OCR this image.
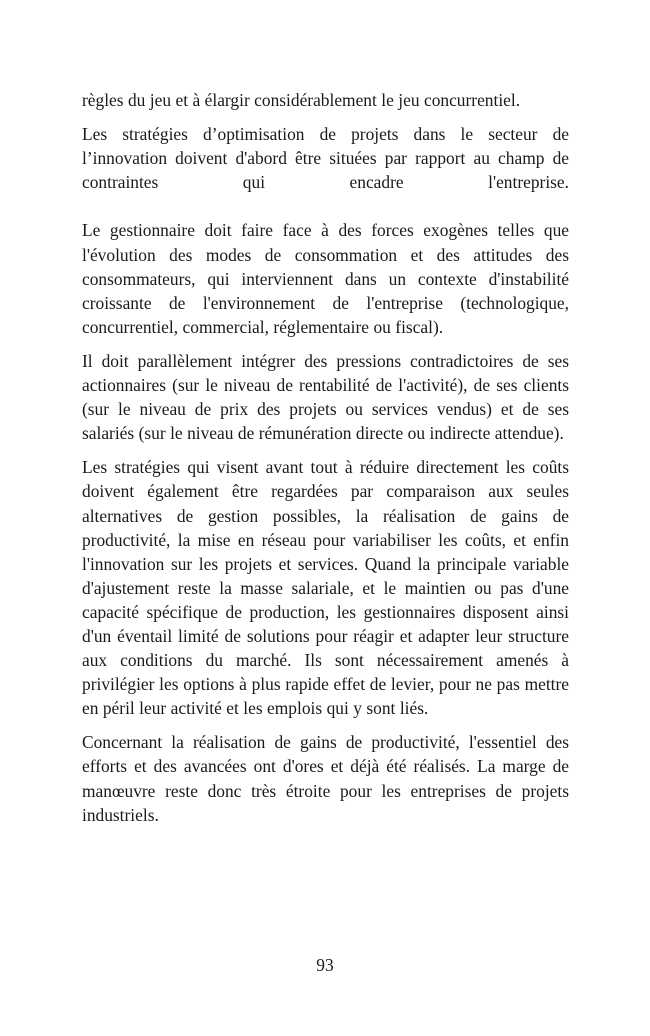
règles du jeu et à élargir considérablement le jeu concurrentiel.

Les stratégies d’optimisation de projets dans le secteur de l’innovation doivent d'abord être situées par rapport au champ de contraintes qui encadre l'entreprise.Le gestionnaire doit faire face à des forces exogènes telles que l'évolution des modes de consommation et des attitudes des consommateurs, qui interviennent dans un contexte d'instabilité croissante de l'environnement de l'entreprise (technologique, concurrentiel, commercial, réglementaire ou fiscal).

Il doit parallèlement intégrer des pressions contradictoires de ses actionnaires (sur le niveau de rentabilité de l'activité), de ses clients (sur le niveau de prix des projets ou services vendus) et de ses salariés (sur le niveau de rémunération directe ou indirecte attendue).

Les stratégies qui visent avant tout à réduire directement les coûts doivent également être regardées par comparaison aux seules alternatives de gestion possibles, la réalisation de gains de productivité, la mise en réseau pour variabiliser les coûts, et enfin l'innovation sur les projets et services. Quand la principale variable d'ajustement reste la masse salariale, et le maintien ou pas d'une capacité spécifique de production, les gestionnaires disposent ainsi d'un éventail limité de solutions pour réagir et adapter leur structure aux conditions du marché. Ils sont nécessairement amenés à privilégier les options à plus rapide effet de levier, pour ne pas mettre en péril leur activité et les emplois qui y sont liés.

Concernant la réalisation de gains de productivité, l'essentiel des efforts et des avancées ont d'ores et déjà été réalisés. La marge de manœuvre reste donc très étroite pour les entreprises de projets industriels.

93
